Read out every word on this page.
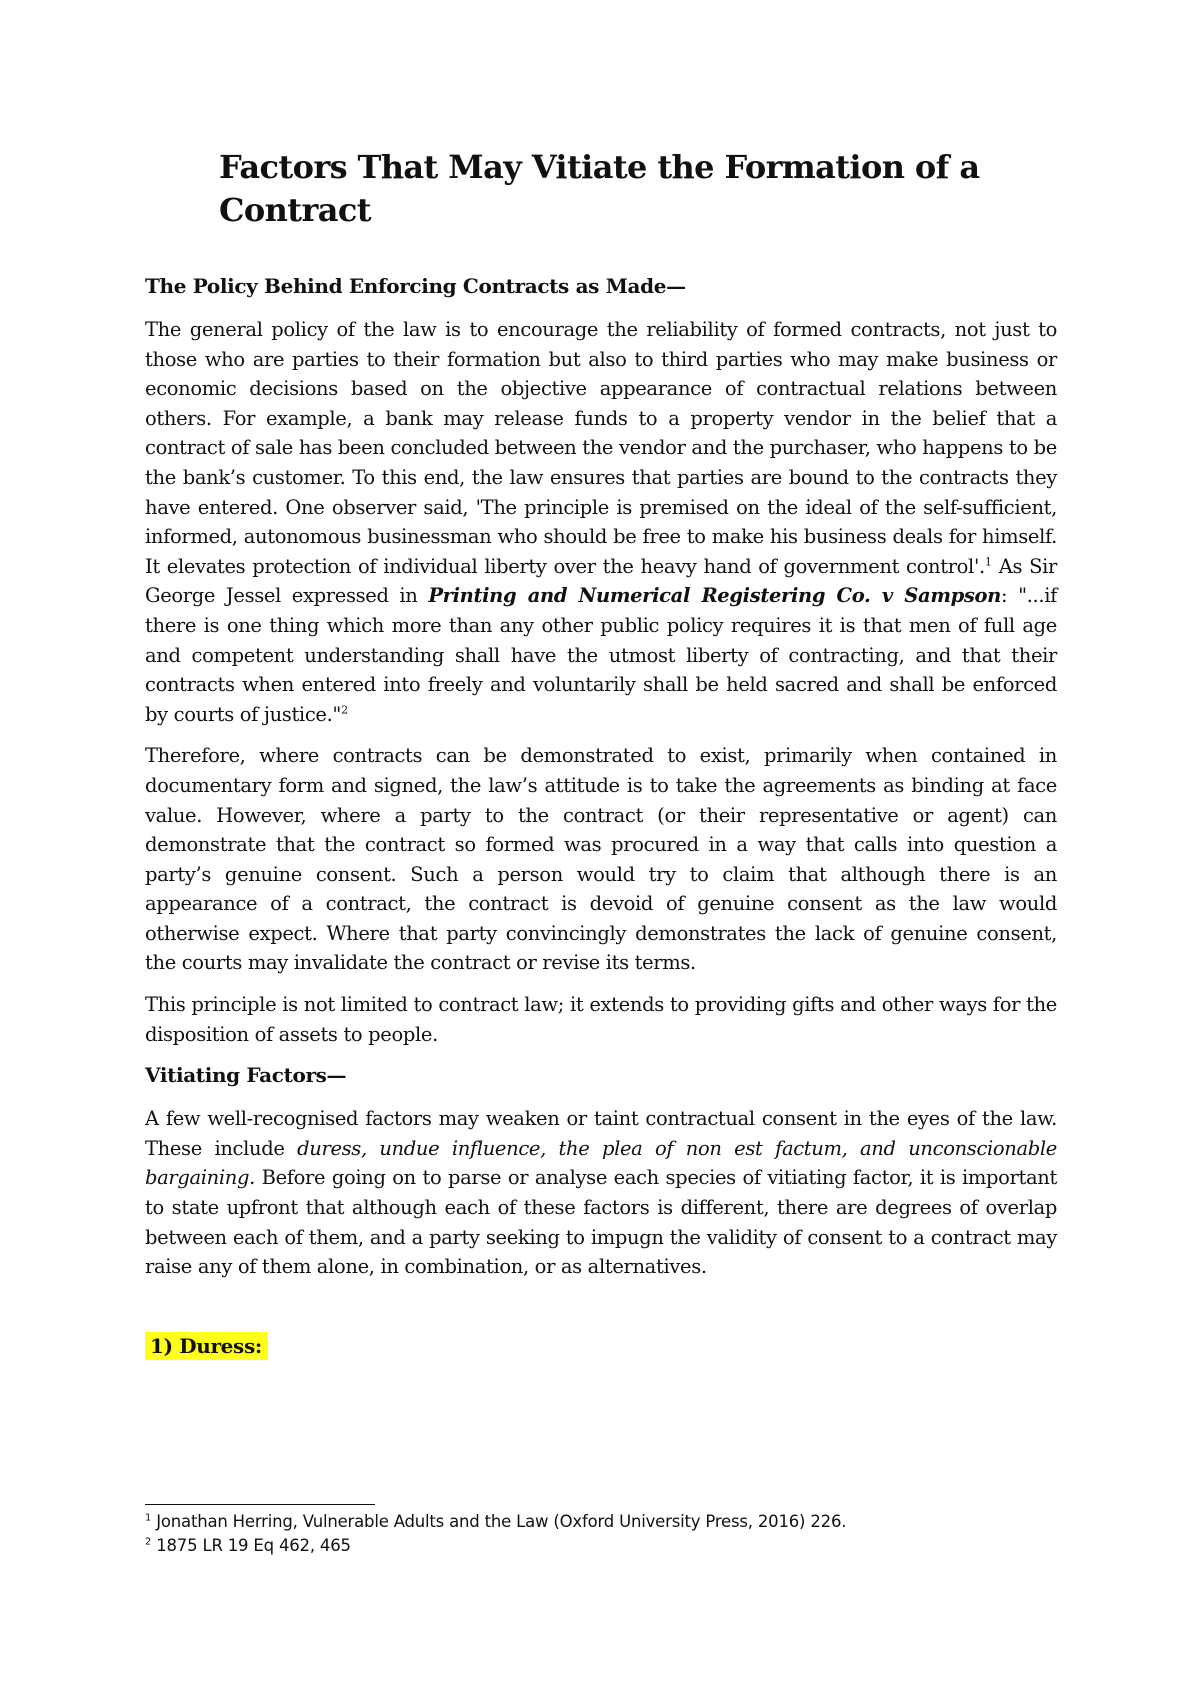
Factors That May Vitiate the Formation of a Contract
The Policy Behind Enforcing Contracts as Made—

The general policy of the law is to encourage the reliability of formed contracts, not just to those who are parties to their formation but also to third parties who may make business or economic decisions based on the objective appearance of contractual relations between others. For example, a bank may release funds to a property vendor in the belief that a contract of sale has been concluded between the vendor and the purchaser, who happens to be the bank’s customer. To this end, the law ensures that parties are bound to the contracts they have entered. One observer said, 'The principle is premised on the ideal of the self-sufficient, informed, autonomous businessman who should be free to make his business deals for himself. It elevates protection of individual liberty over the heavy hand of government control'.$^1$ As Sir George Jessel expressed in Printing and Numerical Registering Co. v Sampson: "...if there is one thing which more than any other public policy requires it is that men of full age and competent understanding shall have the utmost liberty of contracting, and that their contracts when entered into freely and voluntarily shall be held sacred and shall be enforced by courts of justice."$^2$

Therefore, where contracts can be demonstrated to exist, primarily when contained in documentary form and signed, the law’s attitude is to take the agreements as binding at face value. However, where a party to the contract (or their representative or agent) can demonstrate that the contract so formed was procured in a way that calls into question a party’s genuine consent. Such a person would try to claim that although there is an appearance of a contract, the contract is devoid of genuine consent as the law would otherwise expect. Where that party convincingly demonstrates the lack of genuine consent, the courts may invalidate the contract or revise its terms.

This principle is not limited to contract law; it extends to providing gifts and other ways for the disposition of assets to people.

Vitiating Factors—

A few well-recognised factors may weaken or taint contractual consent in the eyes of the law. These include duress, undue influence, the plea of non est factum, and unconscionable bargaining. Before going on to parse or analyse each species of vitiating factor, it is important to state upfront that although each of these factors is different, there are degrees of overlap between each of them, and a party seeking to impugn the validity of consent to a contract may raise any of them alone, in combination, or as alternatives.

1) Duress:
$^1$ Jonathan Herring, Vulnerable Adults and the Law (Oxford University Press, 2016) 226.
$^2$ 1875 LR 19 Eq 462, 465
